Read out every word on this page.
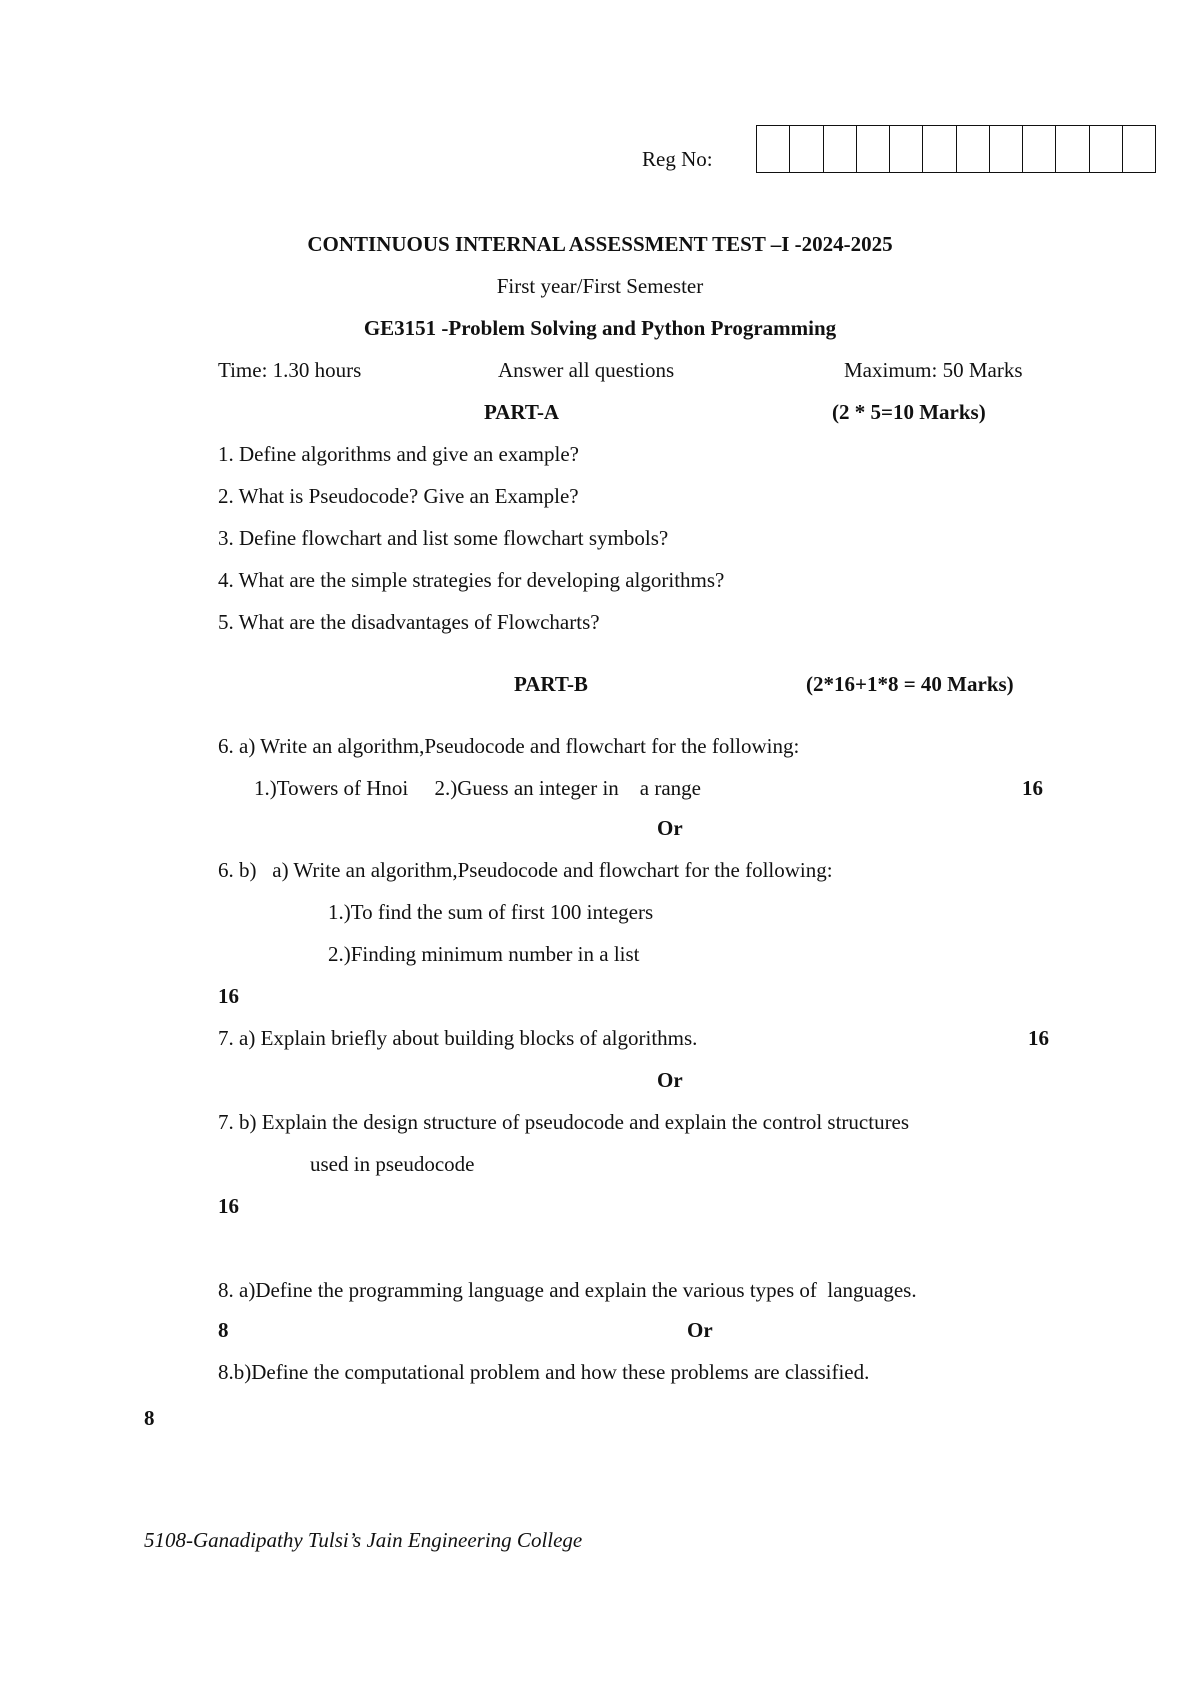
Reg No:
CONTINUOUS INTERNAL ASSESSMENT TEST –I -2024-2025
First year/First Semester
GE3151 -Problem Solving and Python Programming
Time: 1.30 hours	Answer all questions	Maximum: 50 Marks
PART-A	(2 * 5=10 Marks)
1. Define algorithms and give an example?
2. What is Pseudocode? Give an Example?
3. Define flowchart and list some flowchart symbols?
4. What are the simple strategies for developing algorithms?
5. What are the disadvantages of Flowcharts?
PART-B	(2*16+1*8 = 40 Marks)
6. a) Write an algorithm,Pseudocode and flowchart for the following:
1.)Towers of Hnoi     2.)Guess an integer in    a range	16
Or
6. b)   a) Write an algorithm,Pseudocode and flowchart for the following:
1.)To find the sum of first 100 integers
2.)Finding minimum number in a list
16
7. a) Explain briefly about building blocks of algorithms.	16
Or
7. b) Explain the design structure of pseudocode and explain the control structures
used in pseudocode
16
8. a)Define the programming language and explain the various types of  languages.
8	Or
8.b)Define the computational problem and how these problems are classified.
8
5108-Ganadipathy Tulsi’s Jain Engineering College
